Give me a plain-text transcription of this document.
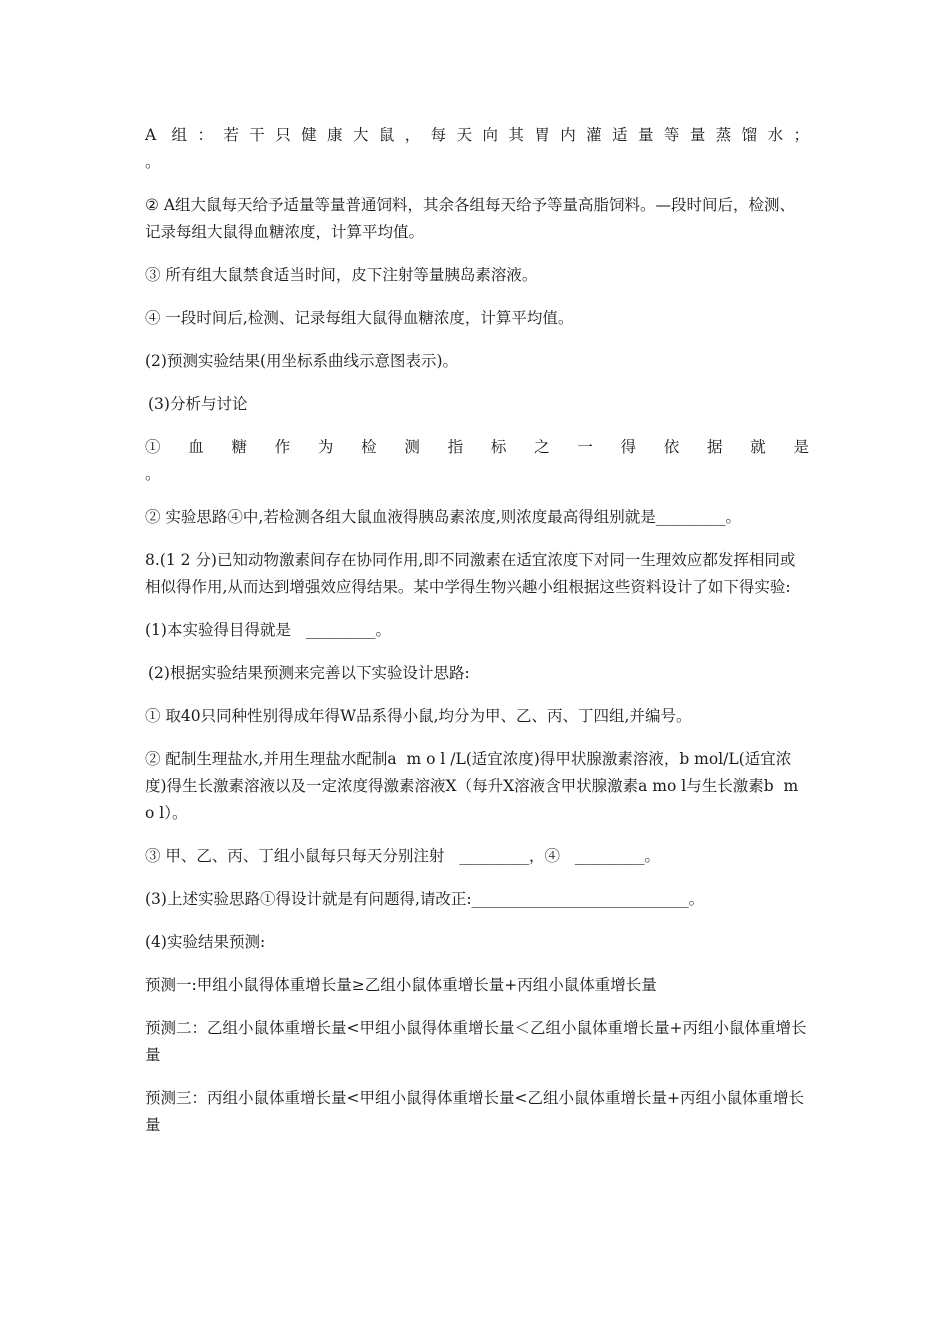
A 组：若干只健康大鼠，每天向其胃内灌适量等量蒸馏水；

。

② A组大鼠每天给予适量等量普通饲料，其余各组每天给予等量高脂饲料。—段时间后，检测、记录每组大鼠得血糖浓度，计算平均值。

③ 所有组大鼠禁食适当时间，皮下注射等量胰岛素溶液。

④ 一段时间后,检测、记录每组大鼠得血糖浓度，计算平均值。

(2)预测实验结果(用坐标系曲线示意图表示)。

(3)分析与讨论

①  血  糖  作  为  检  测  指  标  之  一  得  依  据  就  是

。

② 实验思路④中,若检测各组大鼠血液得胰岛素浓度,则浓度最高得组别就是_________。

8.(1 2 分)已知动物激素间存在协同作用,即不同激素在适宜浓度下对同一生理效应都发挥相同或相似得作用,从而达到增强效应得结果。某中学得生物兴趣小组根据这些资料设计了如下得实验:

(1)本实验得目得就是   _________。

(2)根据实验结果预测来完善以下实验设计思路:

① 取40只同种性别得成年得W品系得小鼠,均分为甲、乙、丙、丁四组,并编号。

② 配制生理盐水,并用生理盐水配制a  m o l /L(适宜浓度)得甲状腺激素溶液，b mol/L(适宜浓度)得生长激素溶液以及一定浓度得激素溶液X（每升X溶液含甲状腺激素a mo l与生长激素b  m o l）。

③ 甲、乙、丙、丁组小鼠每只每天分别注射   _________，④   _________。

(3)上述实验思路①得设计就是有问题得,请改正:____________________________。

(4)实验结果预测:

预测一:甲组小鼠得体重增长量≥乙组小鼠体重增长量+丙组小鼠体重增长量

预测二：乙组小鼠体重增长量<甲组小鼠得体重增长量＜乙组小鼠体重增长量+丙组小鼠体重增长量

预测三：丙组小鼠体重增长量<甲组小鼠得体重增长量<乙组小鼠体重增长量+丙组小鼠体重增长量
